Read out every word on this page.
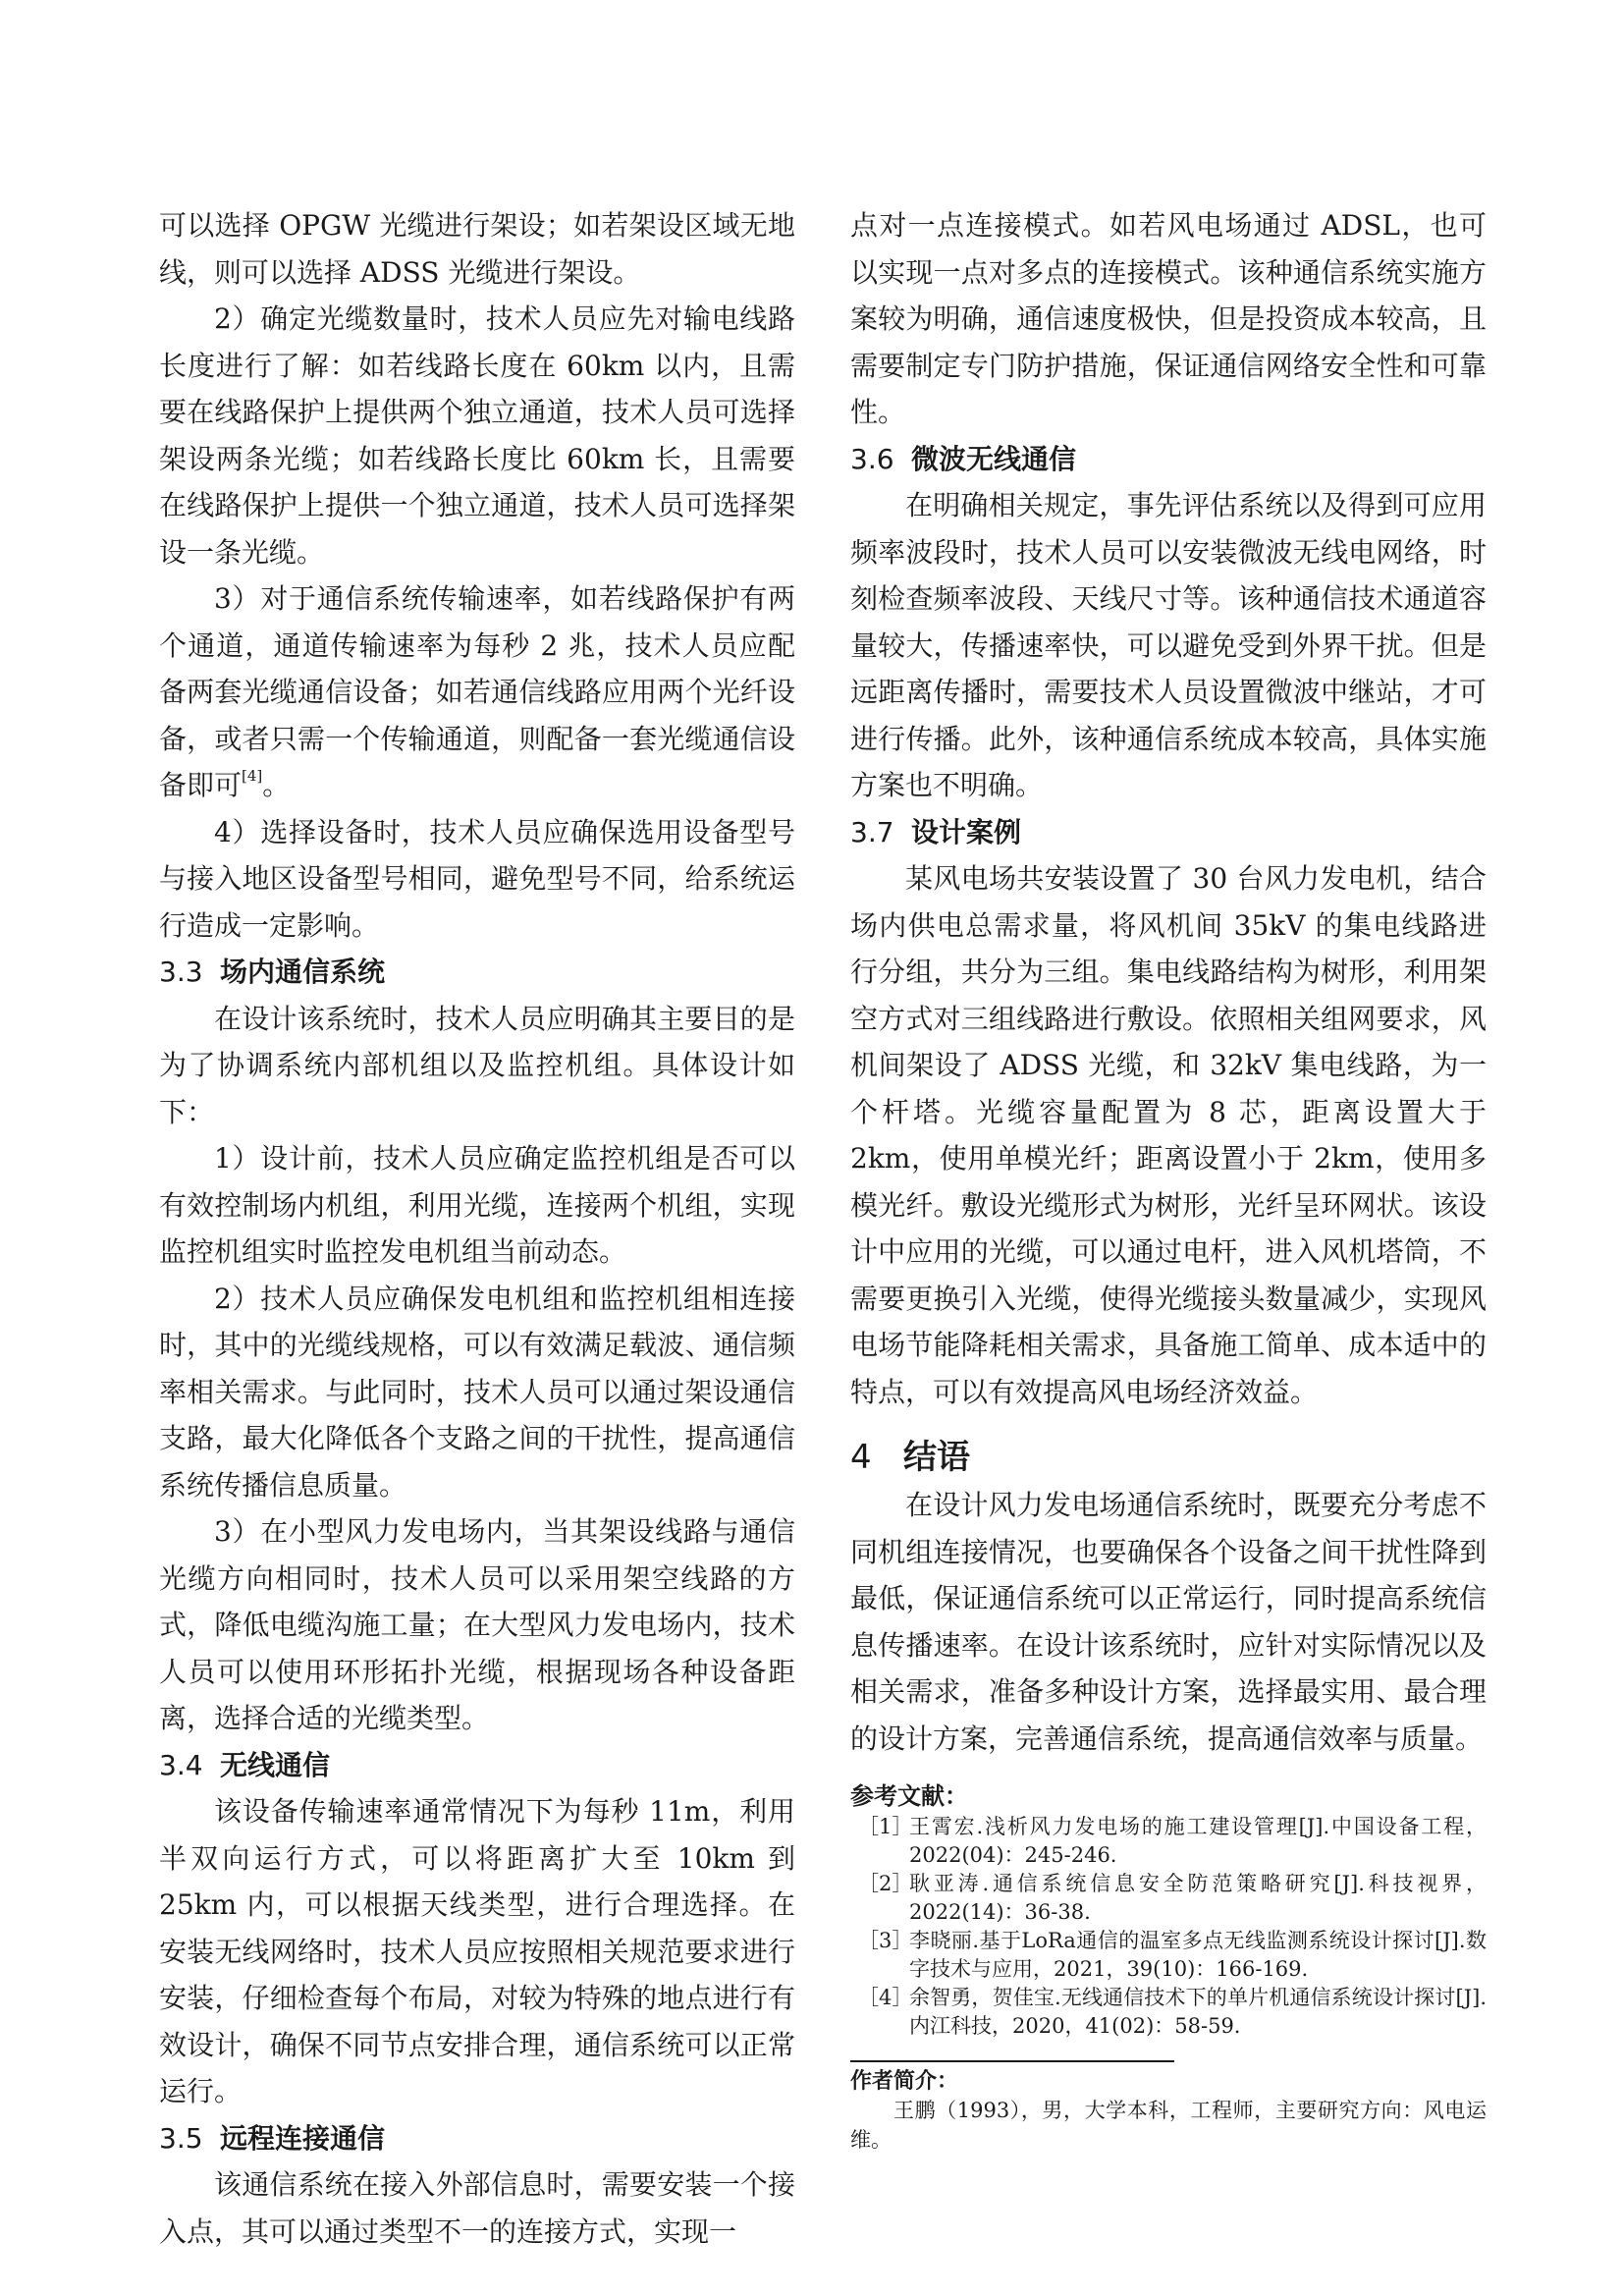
可以选择 OPGW 光缆进行架设；如若架设区域无地线，则可以选择 ADSS 光缆进行架设。

2）确定光缆数量时，技术人员应先对输电线路长度进行了解：如若线路长度在 60km 以内，且需要在线路保护上提供两个独立通道，技术人员可选择架设两条光缆；如若线路长度比 60km 长，且需要在线路保护上提供一个独立通道，技术人员可选择架设一条光缆。

3）对于通信系统传输速率，如若线路保护有两个通道，通道传输速率为每秒 2 兆，技术人员应配备两套光缆通信设备；如若通信线路应用两个光纤设备，或者只需一个传输通道，则配备一套光缆通信设备即可[4]。

4）选择设备时，技术人员应确保选用设备型号与接入地区设备型号相同，避免型号不同，给系统运行造成一定影响。

3.3 场内通信系统

在设计该系统时，技术人员应明确其主要目的是为了协调系统内部机组以及监控机组。具体设计如下：

1）设计前，技术人员应确定监控机组是否可以有效控制场内机组，利用光缆，连接两个机组，实现监控机组实时监控发电机组当前动态。

2）技术人员应确保发电机组和监控机组相连接时，其中的光缆线规格，可以有效满足载波、通信频率相关需求。与此同时，技术人员可以通过架设通信支路，最大化降低各个支路之间的干扰性，提高通信系统传播信息质量。

3）在小型风力发电场内，当其架设线路与通信光缆方向相同时，技术人员可以采用架空线路的方式，降低电缆沟施工量；在大型风力发电场内，技术人员可以使用环形拓扑光缆，根据现场各种设备距离，选择合适的光缆类型。

3.4 无线通信

该设备传输速率通常情况下为每秒 11m，利用半双向运行方式，可以将距离扩大至 10km 到 25km 内，可以根据天线类型，进行合理选择。在安装无线网络时，技术人员应按照相关规范要求进行安装，仔细检查每个布局，对较为特殊的地点进行有效设计，确保不同节点安排合理，通信系统可以正常运行。

3.5 远程连接通信

该通信系统在接入外部信息时，需要安装一个接入点，其可以通过类型不一的连接方式，实现一

点对一点连接模式。如若风电场通过 ADSL，也可以实现一点对多点的连接模式。该种通信系统实施方案较为明确，通信速度极快，但是投资成本较高，且需要制定专门防护措施，保证通信网络安全性和可靠性。

3.6 微波无线通信

在明确相关规定，事先评估系统以及得到可应用频率波段时，技术人员可以安装微波无线电网络，时刻检查频率波段、天线尺寸等。该种通信技术通道容量较大，传播速率快，可以避免受到外界干扰。但是远距离传播时，需要技术人员设置微波中继站，才可进行传播。此外，该种通信系统成本较高，具体实施方案也不明确。

3.7 设计案例

某风电场共安装设置了 30 台风力发电机，结合场内供电总需求量，将风机间 35kV 的集电线路进行分组，共分为三组。集电线路结构为树形，利用架空方式对三组线路进行敷设。依照相关组网要求，风机间架设了 ADSS 光缆，和 32kV 集电线路，为一个杆塔。光缆容量配置为 8 芯，距离设置大于 2km，使用单模光纤；距离设置小于 2km，使用多模光纤。敷设光缆形式为树形，光纤呈环网状。该设计中应用的光缆，可以通过电杆，进入风机塔筒，不需要更换引入光缆，使得光缆接头数量减少，实现风电场节能降耗相关需求，具备施工简单、成本适中的特点，可以有效提高风电场经济效益。

4 结语

在设计风力发电场通信系统时，既要充分考虑不同机组连接情况，也要确保各个设备之间干扰性降到最低，保证通信系统可以正常运行，同时提高系统信息传播速率。在设计该系统时，应针对实际情况以及相关需求，准备多种设计方案，选择最实用、最合理的设计方案，完善通信系统，提高通信效率与质量。

参考文献：
［1］
王霄宏.浅析风力发电场的施工建设管理[J].中国设备工程，2022(04)：245-246.
［2］
耿亚涛.通信系统信息安全防范策略研究[J].科技视界，2022(14)：36-38.
［3］
李晓丽.基于LoRa通信的温室多点无线监测系统设计探讨[J].数字技术与应用，2021，39(10)：166-169.
［4］
余智勇，贺佳宝.无线通信技术下的单片机通信系统设计探讨[J].内江科技，2020，41(02)：58-59.
作者简介：

王鹏（1993），男，大学本科，工程师，主要研究方向：风电运维。
